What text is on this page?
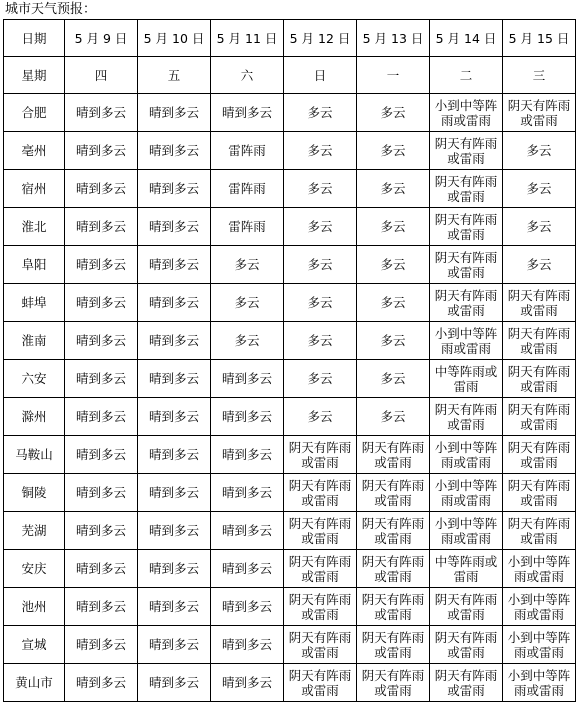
城市天气预报：
日期	5 月 9 日	5 月 10 日	5 月 11 日	5 月 12 日	5 月 13 日	5 月 14 日	5 月 15 日
星期	四	五	六	日	一	二	三
合肥	晴到多云	晴到多云	晴到多云	多云	多云	小到中等阵雨或雷雨	阴天有阵雨或雷雨
亳州	晴到多云	晴到多云	雷阵雨	多云	多云	阴天有阵雨或雷雨	多云
宿州	晴到多云	晴到多云	雷阵雨	多云	多云	阴天有阵雨或雷雨	多云
淮北	晴到多云	晴到多云	雷阵雨	多云	多云	阴天有阵雨或雷雨	多云
阜阳	晴到多云	晴到多云	多云	多云	多云	阴天有阵雨或雷雨	多云
蚌埠	晴到多云	晴到多云	多云	多云	多云	阴天有阵雨或雷雨	阴天有阵雨或雷雨
淮南	晴到多云	晴到多云	多云	多云	多云	小到中等阵雨或雷雨	阴天有阵雨或雷雨
六安	晴到多云	晴到多云	晴到多云	多云	多云	中等阵雨或雷雨	阴天有阵雨或雷雨
滁州	晴到多云	晴到多云	晴到多云	多云	多云	阴天有阵雨或雷雨	阴天有阵雨或雷雨
马鞍山	晴到多云	晴到多云	晴到多云	阴天有阵雨或雷雨	阴天有阵雨或雷雨	小到中等阵雨或雷雨	阴天有阵雨或雷雨
铜陵	晴到多云	晴到多云	晴到多云	阴天有阵雨或雷雨	阴天有阵雨或雷雨	小到中等阵雨或雷雨	阴天有阵雨或雷雨
芜湖	晴到多云	晴到多云	晴到多云	阴天有阵雨或雷雨	阴天有阵雨或雷雨	小到中等阵雨或雷雨	阴天有阵雨或雷雨
安庆	晴到多云	晴到多云	晴到多云	阴天有阵雨或雷雨	阴天有阵雨或雷雨	中等阵雨或雷雨	小到中等阵雨或雷雨
池州	晴到多云	晴到多云	晴到多云	阴天有阵雨或雷雨	阴天有阵雨或雷雨	阴天有阵雨或雷雨	小到中等阵雨或雷雨
宣城	晴到多云	晴到多云	晴到多云	阴天有阵雨或雷雨	阴天有阵雨或雷雨	阴天有阵雨或雷雨	小到中等阵雨或雷雨
黄山市	晴到多云	晴到多云	晴到多云	阴天有阵雨或雷雨	阴天有阵雨或雷雨	阴天有阵雨或雷雨	小到中等阵雨或雷雨
